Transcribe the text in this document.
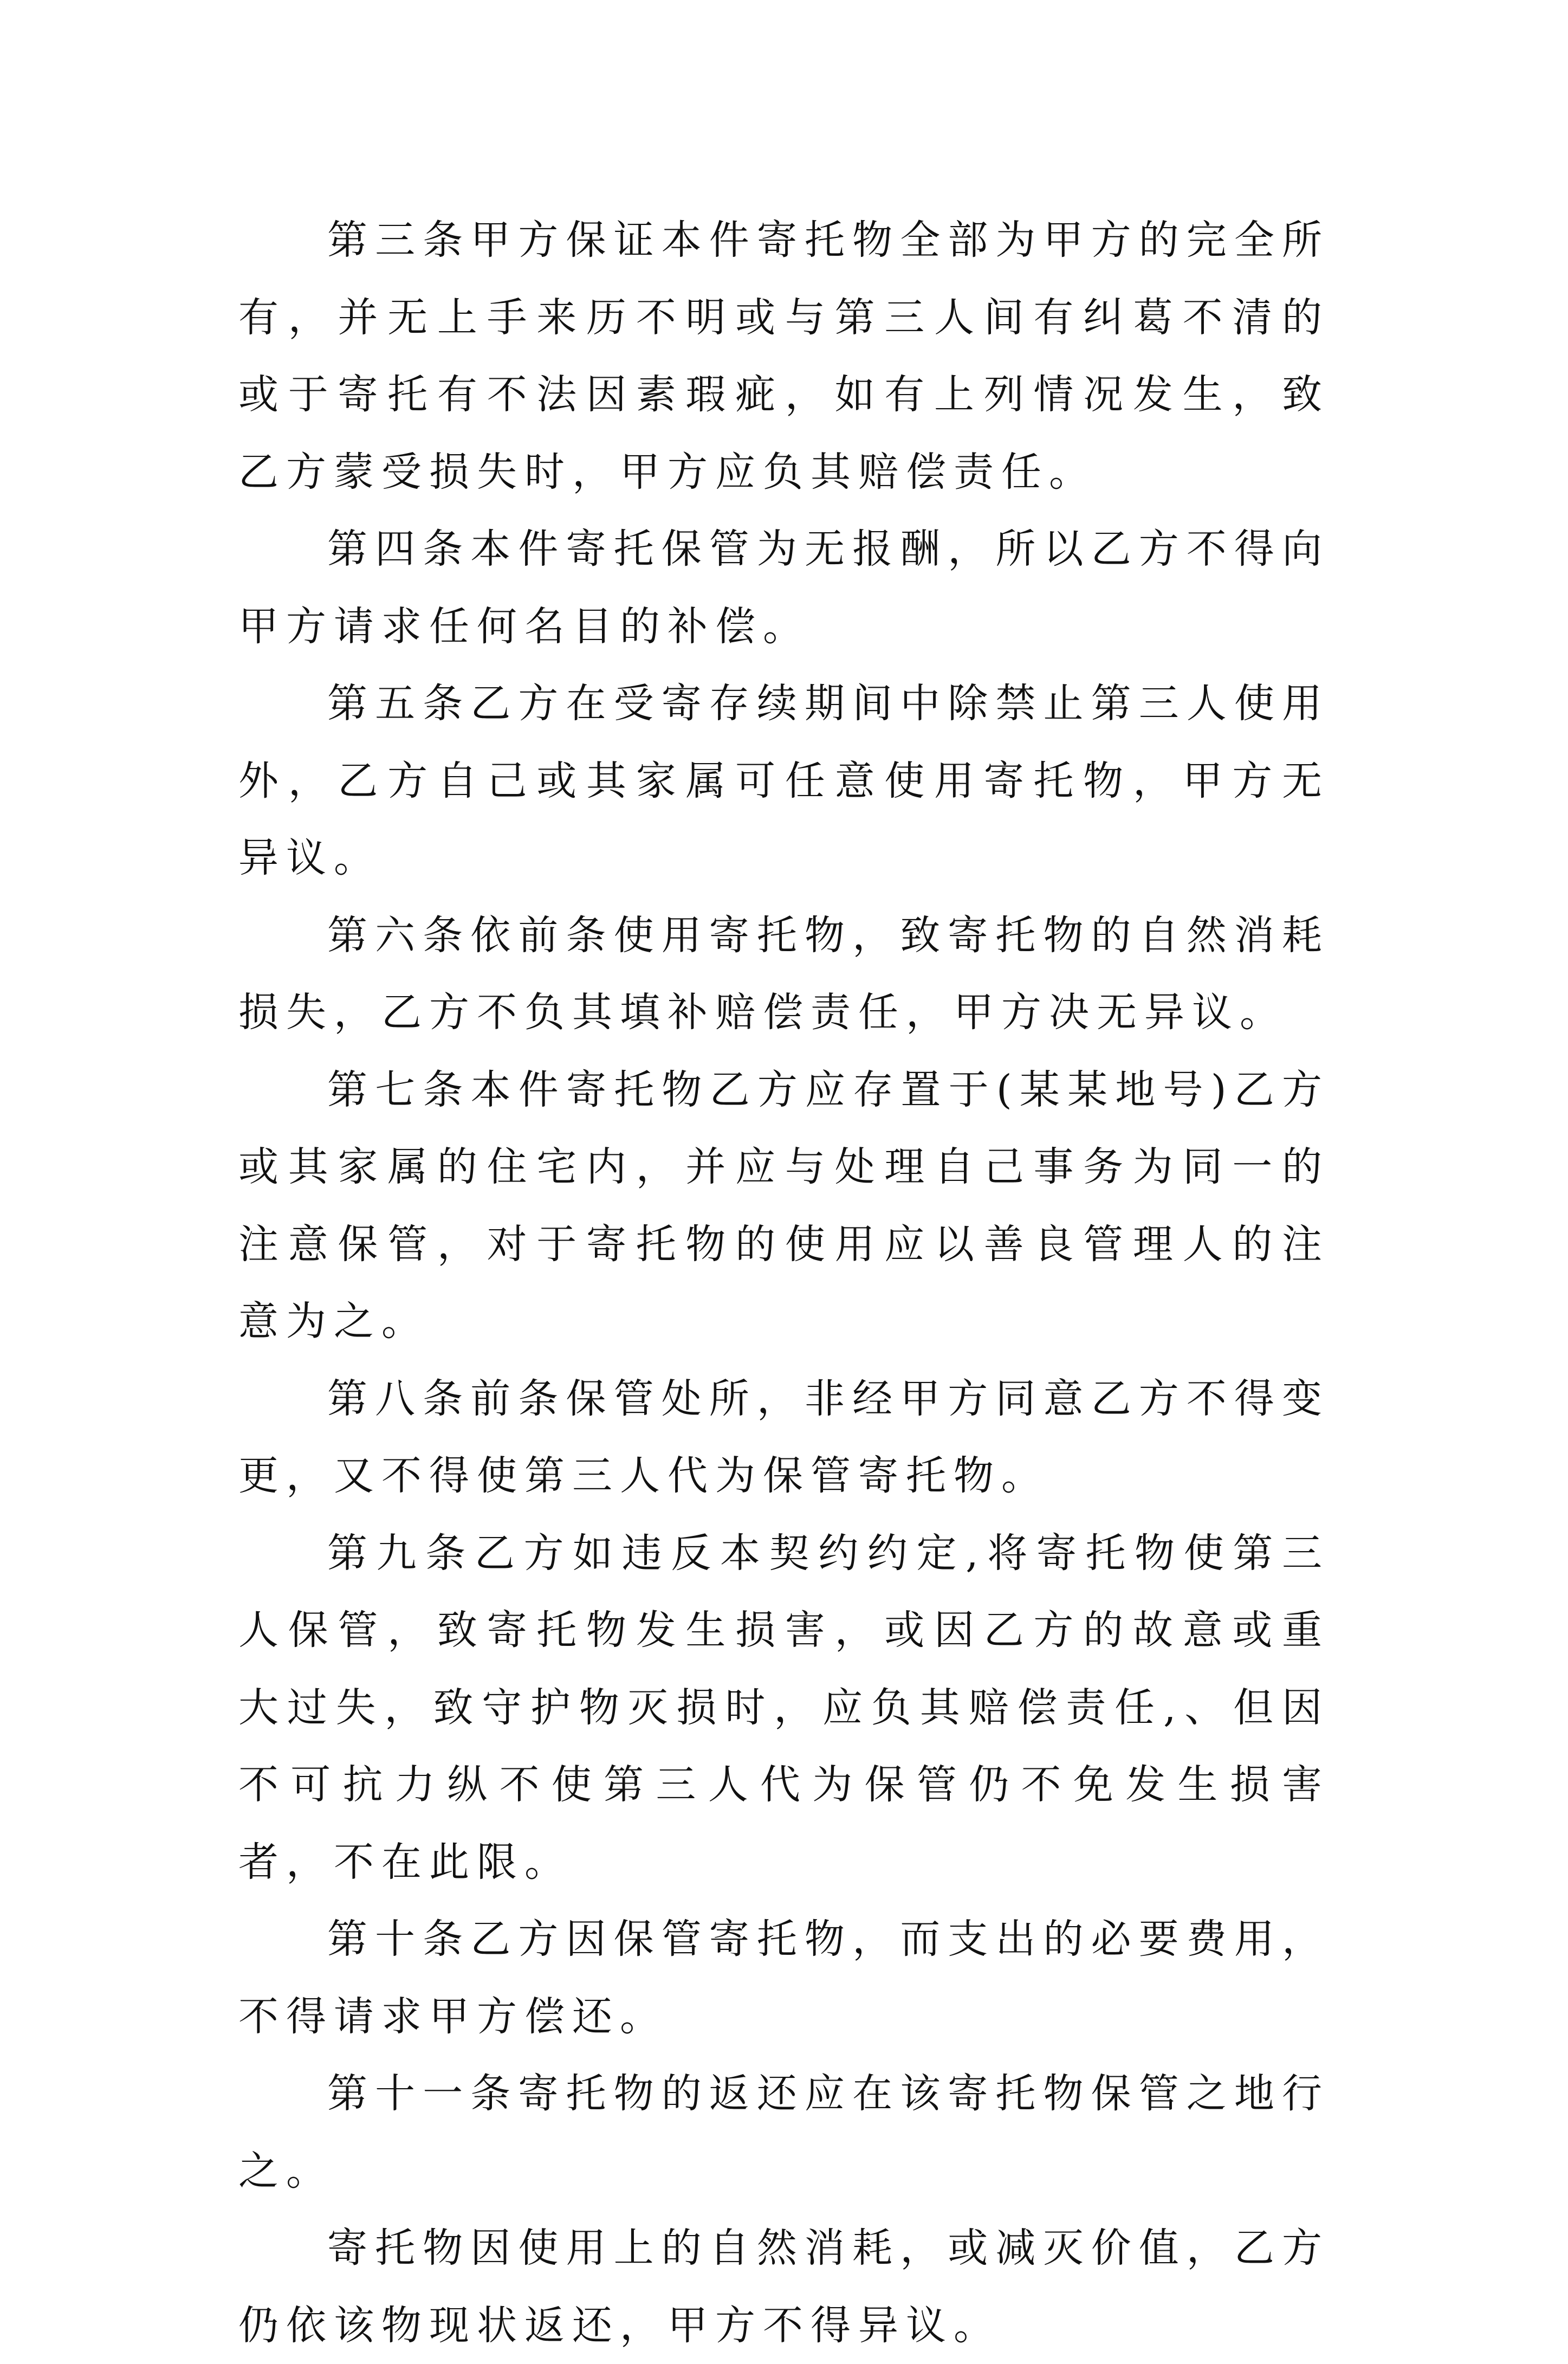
第三条甲方保证本件寄托物全部为甲方的完全所有，并无上手来历不明或与第三人间有纠葛不清的或于寄托有不法因素瑕疵，如有上列情况发生，致乙方蒙受损失时，甲方应负其赔偿责任。

第四条本件寄托保管为无报酬，所以乙方不得向甲方请求任何名目的补偿。

第五条乙方在受寄存续期间中除禁止第三人使用外，乙方自己或其家属可任意使用寄托物，甲方无异议。

第六条依前条使用寄托物，致寄托物的自然消耗损失，乙方不负其填补赔偿责任，甲方决无异议。

第七条本件寄托物乙方应存置于(某某地号)乙方或其家属的住宅内，并应与处理自己事务为同一的注意保管，对于寄托物的使用应以善良管理人的注意为之。

第八条前条保管处所，非经甲方同意乙方不得变更，又不得使第三人代为保管寄托物。

第九条乙方如违反本契约约定,将寄托物使第三人保管，致寄托物发生损害，或因乙方的故意或重大过失，致守护物灭损时，应负其赔偿责任,、但因不可抗力纵不使第三人代为保管仍不免发生损害者，不在此限。

第十条乙方因保管寄托物，而支出的必要费用，不得请求甲方偿还。

第十一条寄托物的返还应在该寄托物保管之地行之。

寄托物因使用上的自然消耗，或减灭价值，乙方仍依该物现状返还，甲方不得异议。
